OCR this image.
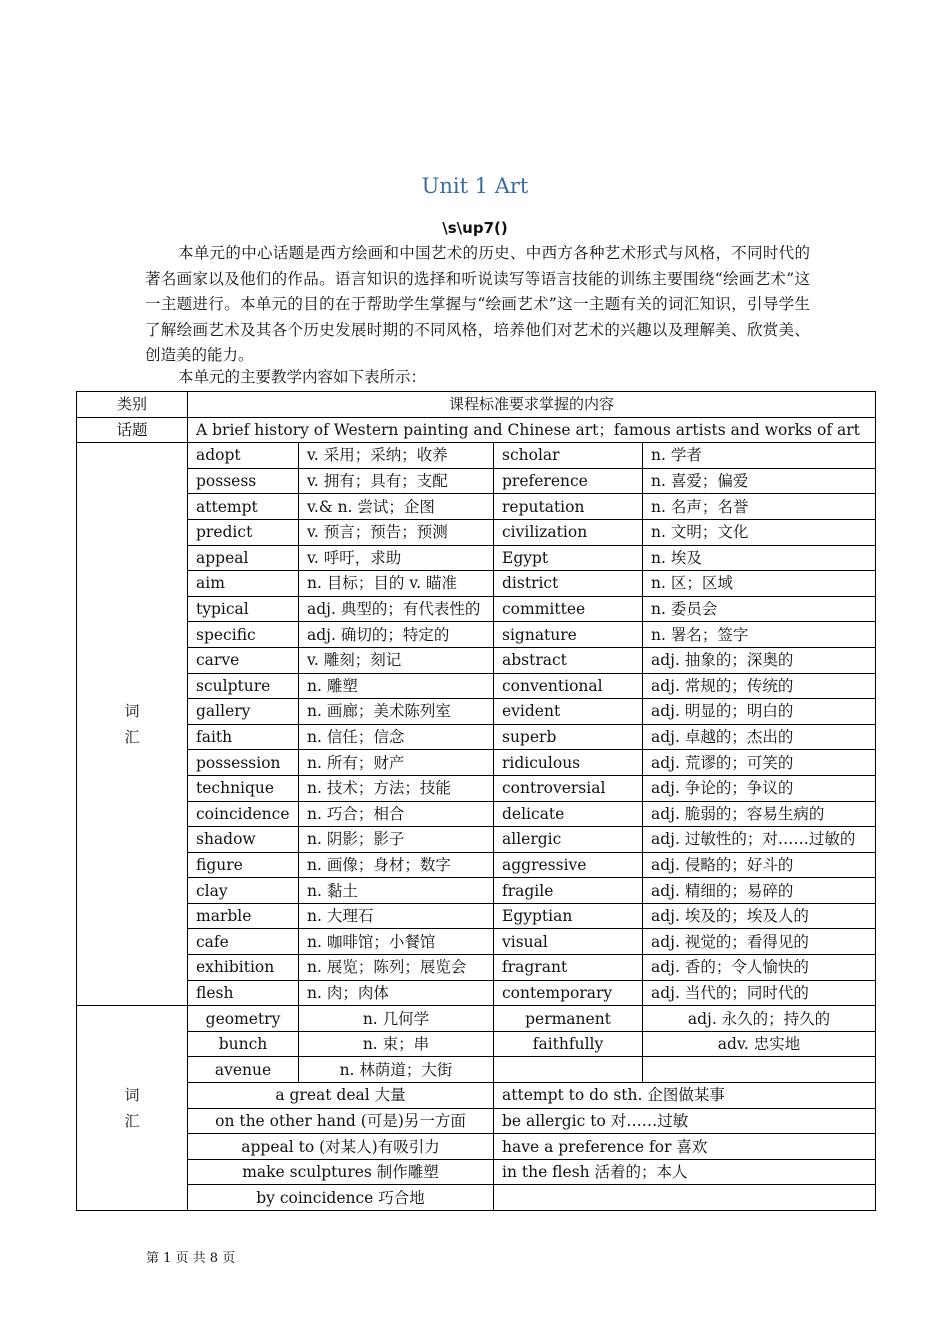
Unit 1 Art
\s\up7()
本单元的中心话题是西方绘画和中国艺术的历史、中西方各种艺术形式与风格，不同时代的著名画家以及他们的作品。语言知识的选择和听说读写等语言技能的训练主要围绕“绘画艺术”这一主题进行。本单元的目的在于帮助学生掌握与“绘画艺术”这一主题有关的词汇知识，引导学生了解绘画艺术及其各个历史发展时期的不同风格，培养他们对艺术的兴趣以及理解美、欣赏美、创造美的能力。
本单元的主要教学内容如下表所示：
类别	课程标准要求掌握的内容			
话题	A brief history of Western painting and Chinese art；famous artists and works of art			
词汇	adopt	v. 采用；采纳；收养	scholar	n. 学者
	possess	v. 拥有；具有；支配	preference	n. 喜爱；偏爱
	attempt	v.& n. 尝试；企图	reputation	n. 名声；名誉
	predict	v. 预言；预告；预测	civilization	n. 文明；文化
	appeal	v. 呼吁，求助	Egypt	n. 埃及
	aim	n. 目标；目的 v. 瞄准	district	n. 区；区域
	typical	adj. 典型的；有代表性的	committee	n. 委员会
	specific	adj. 确切的；特定的	signature	n. 署名；签字
	carve	v. 雕刻；刻记	abstract	adj. 抽象的；深奥的
	sculpture	n. 雕塑	conventional	adj. 常规的；传统的
	gallery	n. 画廊；美术陈列室	evident	adj. 明显的；明白的
	faith	n. 信任；信念	superb	adj. 卓越的；杰出的
	possession	n. 所有；财产	ridiculous	adj. 荒谬的；可笑的
	technique	n. 技术；方法；技能	controversial	adj. 争论的；争议的
	coincidence	n. 巧合；相合	delicate	adj. 脆弱的；容易生病的
	shadow	n. 阴影；影子	allergic	adj. 过敏性的；对……过敏的
	figure	n. 画像；身材；数字	aggressive	adj. 侵略的；好斗的
	clay	n. 黏土	fragile	adj. 精细的；易碎的
	marble	n. 大理石	Egyptian	adj. 埃及的；埃及人的
	cafe	n. 咖啡馆；小餐馆	visual	adj. 视觉的；看得见的
	exhibition	n. 展览；陈列；展览会	fragrant	adj. 香的；令人愉快的
	flesh	n. 肉；肉体	contemporary	adj. 当代的；同时代的
词
汇	geometry	n. 几何学	permanent	adj. 永久的；持久的
	bunch	n. 束；串	faithfully	adv. 忠实地
	avenue	n. 林荫道；大街		
	a great deal 大量		attempt to do sth. 企图做某事	
	on the other hand (可是)另一方面		be allergic to 对……过敏	
	appeal to (对某人)有吸引力		have a preference for 喜欢	
	make sculptures 制作雕塑		in the flesh 活着的；本人	
	by coincidence 巧合地			
第 1 页 共 8 页
